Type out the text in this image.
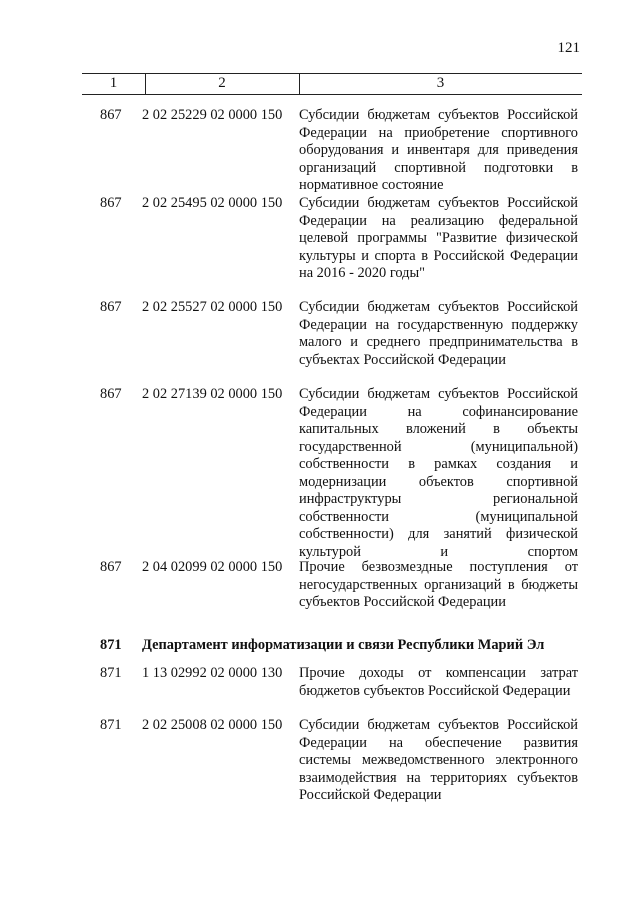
121
1	2	3
867	2 02 25229 02 0000 150	Субсидии бюджетам субъектов Российской Федерации на приобретение спортивного оборудования и инвентаря для приведения организаций спортивной подготовки в нормативное состояние
867	2 02 25495 02 0000 150	Субсидии бюджетам субъектов Российской Федерации на реализацию федеральной целевой программы "Развитие физической культуры и спорта в Российской Федерации на 2016 - 2020 годы"
867	2 02 25527 02 0000 150	Субсидии бюджетам субъектов Российской Федерации на государственную поддержку малого и среднего предпринимательства в субъектах Российской Федерации
867	2 02 27139 02 0000 150	Субсидии бюджетам субъектов Российской Федерации на софинансирование капитальных вложений в объекты государственной (муниципальной) собственности в рамках создания и модернизации объектов спортивной инфраструктуры региональной собственности (муниципальной собственности) для занятий физической культурой и спортом
867	2 04 02099 02 0000 150	Прочие безвозмездные поступления от негосударственных организаций в бюджеты субъектов Российской Федерации
871	Департамент информатизации и связи Республики Марий Эл
871	1 13 02992 02 0000 130	Прочие доходы от компенсации затрат бюджетов субъектов Российской Федерации
871	2 02 25008 02 0000 150	Субсидии бюджетам субъектов Российской Федерации на обеспечение развития системы межведомственного электронного взаимодействия на территориях субъектов Российской Федерации
